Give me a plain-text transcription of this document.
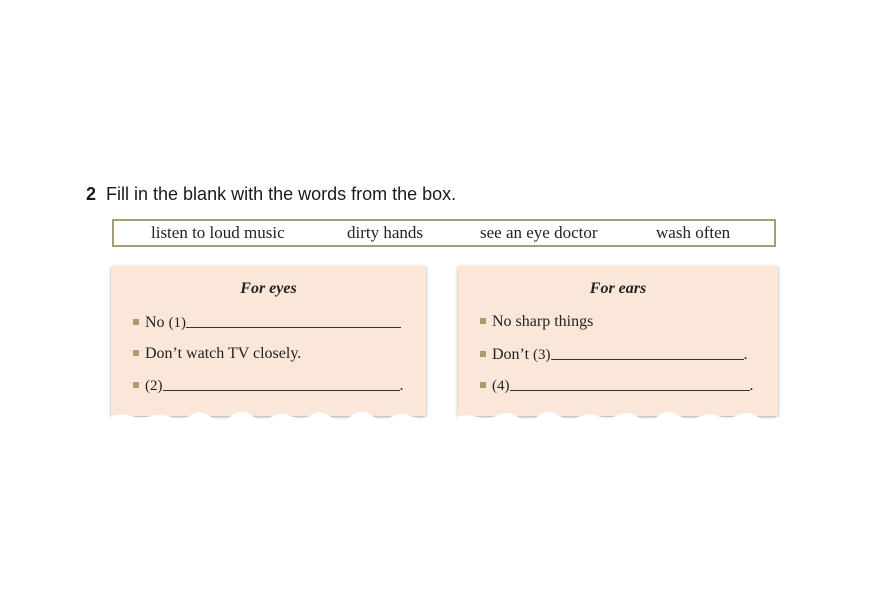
2 Fill in the blank with the words from the box.
listen to loud music	dirty hands	see an eye doctor	wash often
For eyes
No (1)
Don’t watch TV closely.
(2)	.
For ears
No sharp things
Don’t (3)	.
(4)	.
